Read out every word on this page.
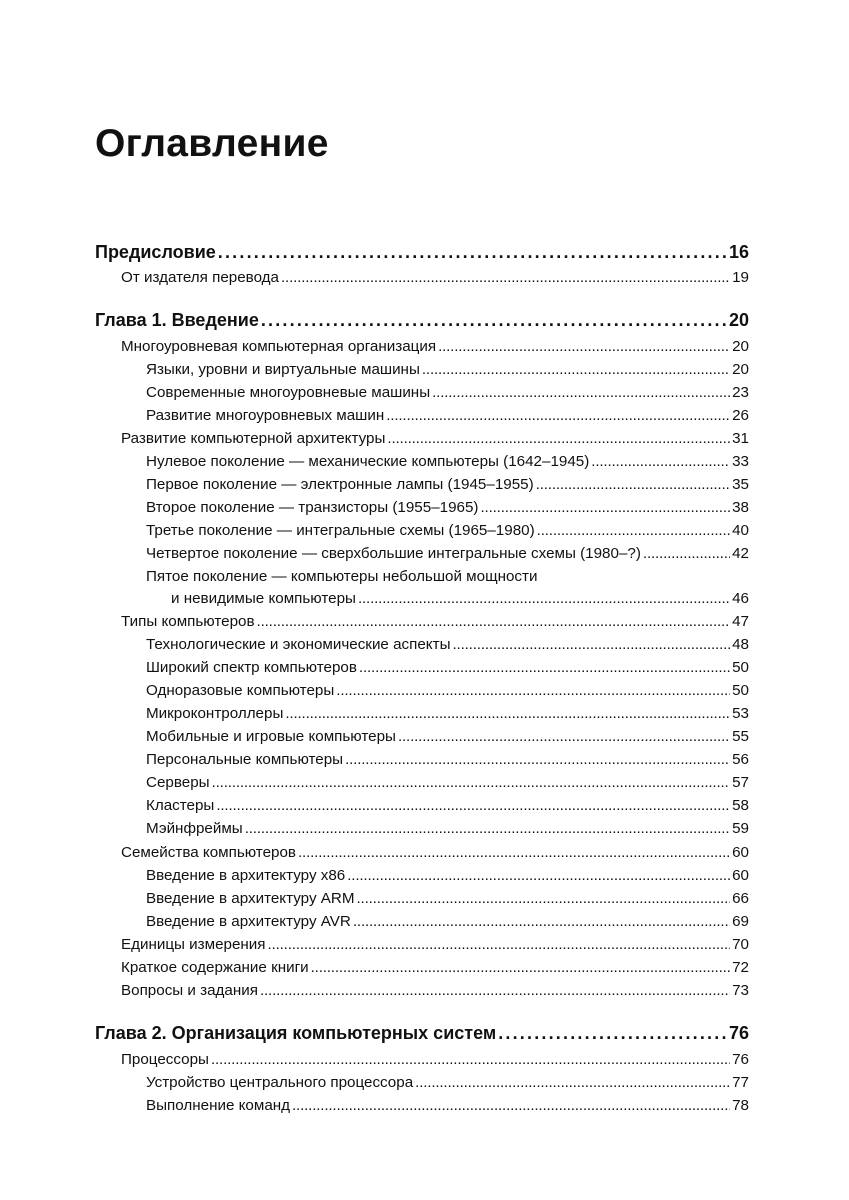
Оглавление
Предисловие . . .	16
От издателя перевода . . .	19
Глава 1. Введение . . .	20
Многоуровневая компьютерная организация . . .	20
Языки, уровни и виртуальные машины . . .	20
Современные многоуровневые машины . . .	23
Развитие многоуровневых машин . . .	26
Развитие компьютерной архитектуры . . .	31
Нулевое поколение — механические компьютеры (1642–1945) . . .	33
Первое поколение — электронные лампы (1945–1955) . . .	35
Второе поколение — транзисторы (1955–1965) . . .	38
Третье поколение — интегральные схемы (1965–1980) . . .	40
Четвертое поколение — сверхбольшие интегральные схемы (1980–?) . . .	42
Пятое поколение — компьютеры небольшой мощности
и невидимые компьютеры . . .	46
Типы компьютеров . . .	47
Технологические и экономические аспекты . . .	48
Широкий спектр компьютеров . . .	50
Одноразовые компьютеры . . .	50
Микроконтроллеры . . .	53
Мобильные и игровые компьютеры . . .	55
Персональные компьютеры . . .	56
Серверы . . .	57
Кластеры . . .	58
Мэйнфреймы . . .	59
Семейства компьютеров . . .	60
Введение в архитектуру x86 . . .	60
Введение в архитектуру ARM . . .	66
Введение в архитектуру AVR . . .	69
Единицы измерения . . .	70
Краткое содержание книги . . .	72
Вопросы и задания . . .	73
Глава 2. Организация компьютерных систем . . .	76
Процессоры . . .	76
Устройство центрального процессора . . .	77
Выполнение команд . . .	78
